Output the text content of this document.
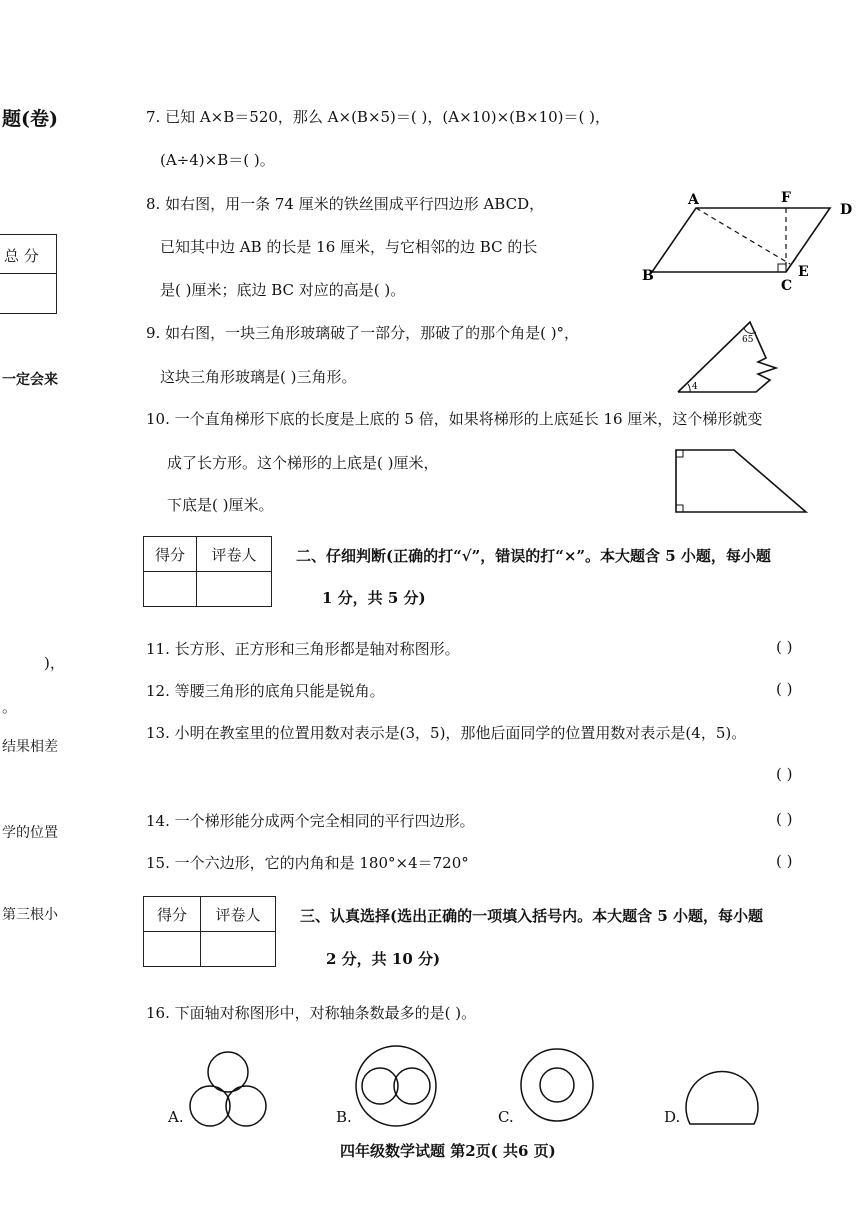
题(卷)
总 分
一定会来
)，
。
结果相差
学的位置
第三根小
7. 已知 A×B＝520，那么 A×(B×5)＝( )，(A×10)×(B×10)＝( )，
(A÷4)×B＝( )。
8. 如右图，用一条 74 厘米的铁丝围成平行四边形 ABCD，
已知其中边 AB 的长是 16 厘米，与它相邻的边 BC 的长
是( )厘米；底边 BC 对应的高是( )。
A	F
D
B
C
E
9. 如右图，一块三角形玻璃破了一部分，那破了的那个角是( )°，
这块三角形玻璃是( )三角形。
65
4
10. 一个直角梯形下底的长度是上底的 5 倍，如果将梯形的上底延长 16 厘米，这个梯形就变
成了长方形。这个梯形的上底是( )厘米，
下底是( )厘米。
得分	评卷人
		二、仔细判断(正确的打“√”，错误的打“×”。本大题含 5 小题，每小题
1 分，共 5 分)
11. 长方形、正方形和三角形都是轴对称图形。	( )
12. 等腰三角形的底角只能是锐角。	( )
13. 小明在教室里的位置用数对表示是(3，5)，那他后面同学的位置用数对表示是(4，5)。
( )
14. 一个梯形能分成两个完全相同的平行四边形。	( )
15. 一个六边形，它的内角和是 180°×4＝720°	( )
得分	评卷人
		三、认真选择(选出正确的一项填入括号内。本大题含 5 小题，每小题
2 分，共 10 分)
16. 下面轴对称图形中，对称轴条数最多的是( )。
A.	B.	C.	D.
四年级数学试题 第2页( 共6 页)
